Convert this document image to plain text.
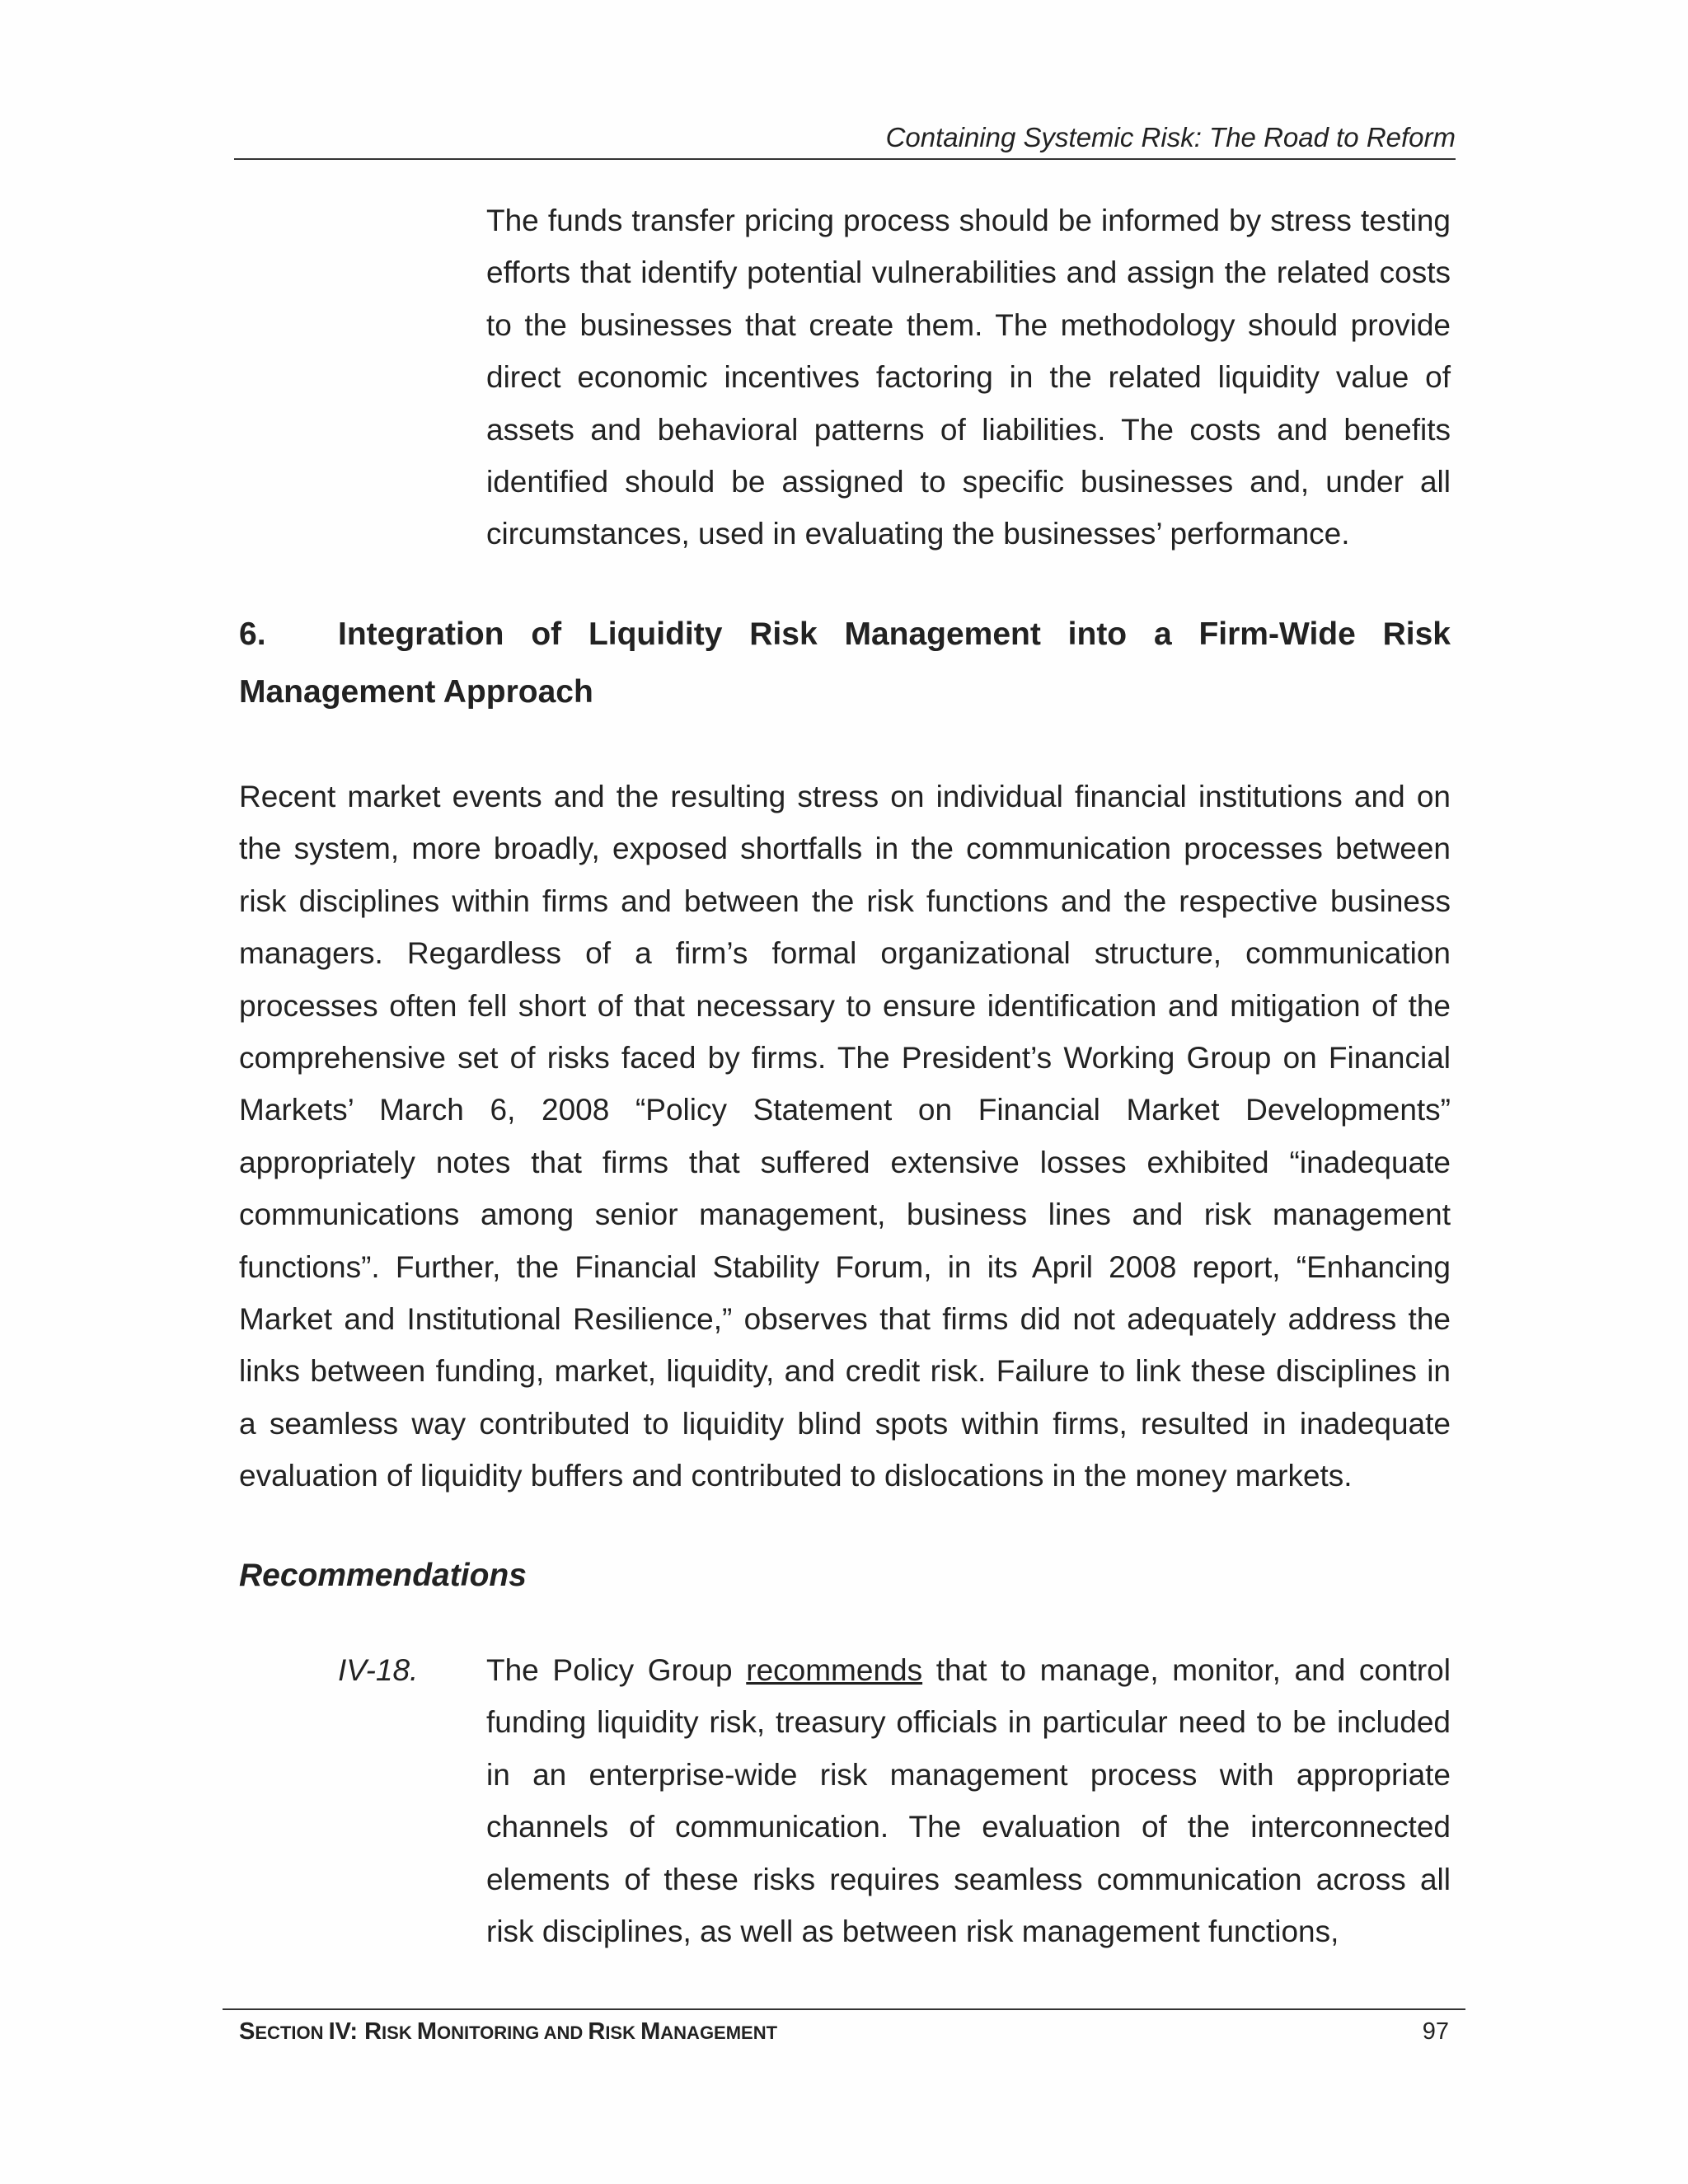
Containing Systemic Risk: The Road to Reform
The funds transfer pricing process should be informed by stress testing efforts that identify potential vulnerabilities and assign the related costs to the businesses that create them. The methodology should provide direct economic incentives factoring in the related liquidity value of assets and behavioral patterns of liabilities. The costs and benefits identified should be assigned to specific businesses and, under all circumstances, used in evaluating the businesses’ performance.
6. Integration of Liquidity Risk Management into a Firm-Wide Risk Management Approach
Recent market events and the resulting stress on individual financial institutions and on the system, more broadly, exposed shortfalls in the communication processes between risk disciplines within firms and between the risk functions and the respective business managers. Regardless of a firm’s formal organizational structure, communication processes often fell short of that necessary to ensure identification and mitigation of the comprehensive set of risks faced by firms. The President’s Working Group on Financial Markets’ March 6, 2008 “Policy Statement on Financial Market Developments” appropriately notes that firms that suffered extensive losses exhibited “inadequate communications among senior management, business lines and risk management functions”. Further, the Financial Stability Forum, in its April 2008 report, “Enhancing Market and Institutional Resilience,” observes that firms did not adequately address the links between funding, market, liquidity, and credit risk. Failure to link these disciplines in a seamless way contributed to liquidity blind spots within firms, resulted in inadequate evaluation of liquidity buffers and contributed to dislocations in the money markets.
Recommendations
IV-18. The Policy Group recommends that to manage, monitor, and control funding liquidity risk, treasury officials in particular need to be included in an enterprise-wide risk management process with appropriate channels of communication. The evaluation of the interconnected elements of these risks requires seamless communication across all risk disciplines, as well as between risk management functions,
SECTION IV: RISK MONITORING AND RISK MANAGEMENT	97
